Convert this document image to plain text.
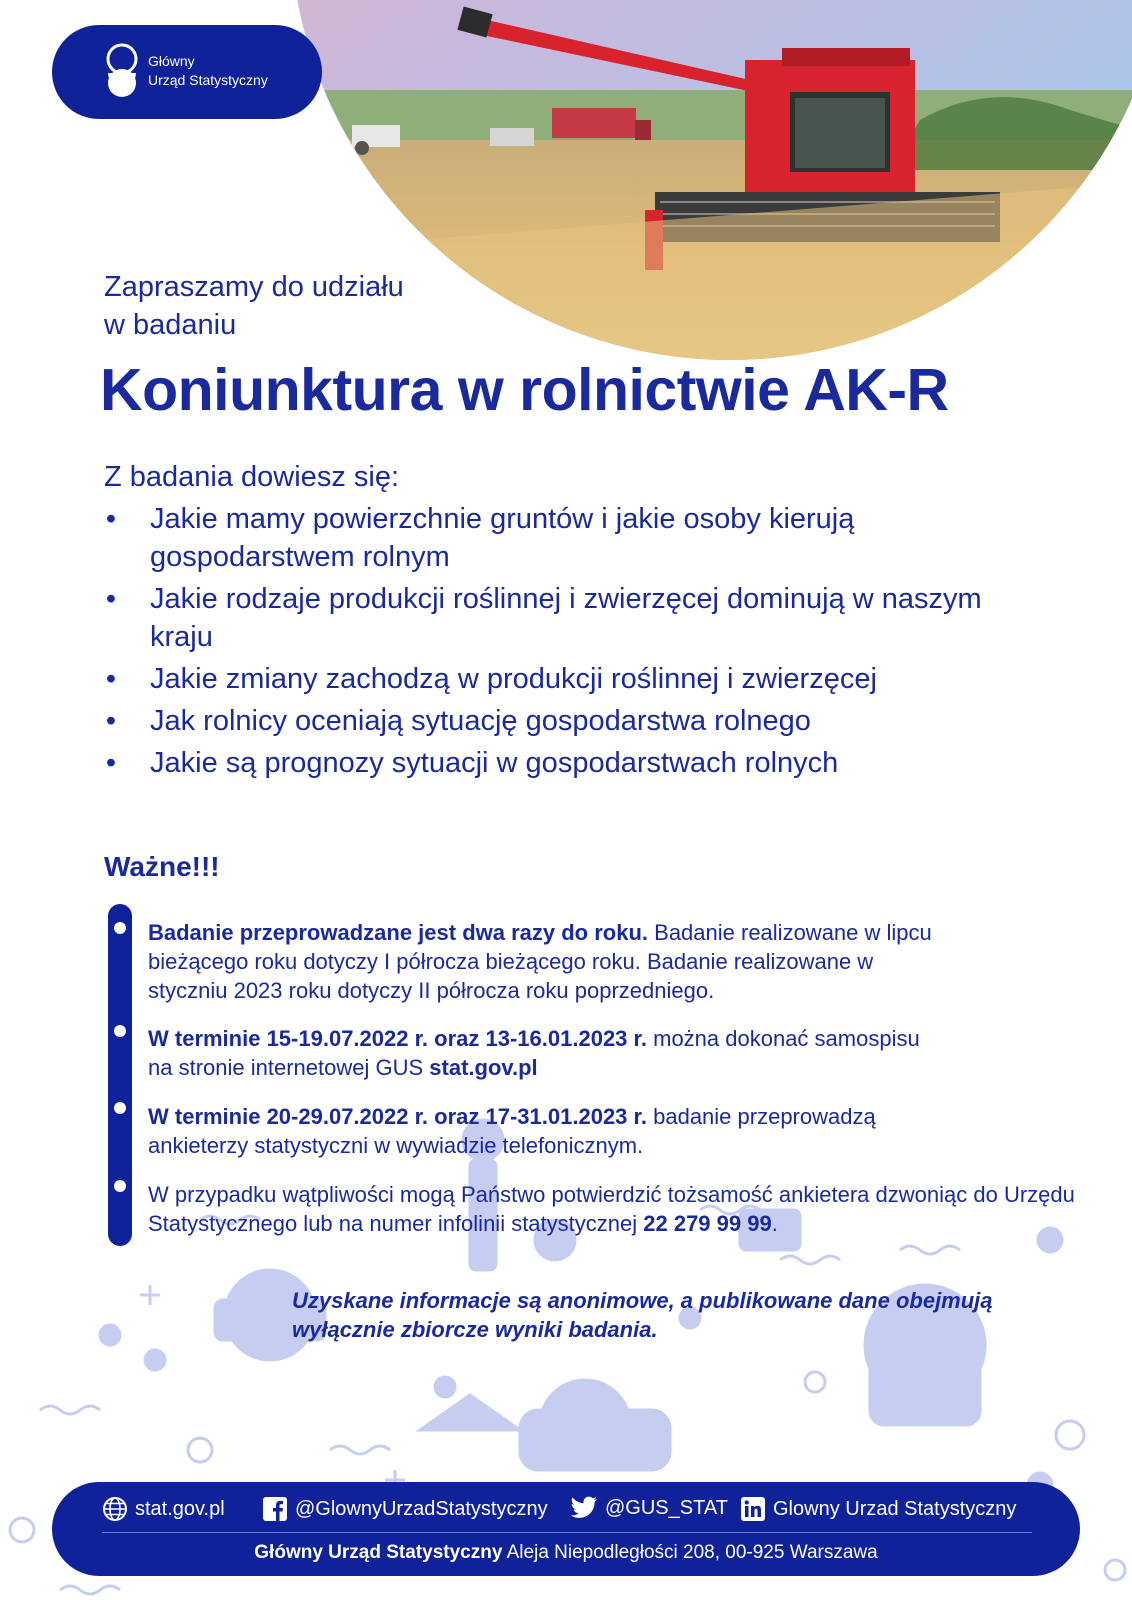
Główny
Urząd Statystyczny
Zapraszamy do udziału
w badaniu
Koniunktura w rolnictwie AK-R
Z badania dowiesz się:
• Jakie mamy powierzchnie gruntów i jakie osoby kierują gospodarstwem rolnym
• Jakie rodzaje produkcji roślinnej i zwierzęcej dominują w naszym kraju
• Jakie zmiany zachodzą w produkcji roślinnej i zwierzęcej
• Jak rolnicy oceniają sytuację gospodarstwa rolnego
• Jakie są prognozy sytuacji w gospodarstwach rolnych
Ważne!!!
Badanie przeprowadzane jest dwa razy do roku. Badanie realizowane w lipcu bieżącego roku dotyczy I półrocza bieżącego roku. Badanie realizowane w styczniu 2023 roku dotyczy II półrocza roku poprzedniego.
W terminie 15-19.07.2022 r. oraz 13-16.01.2023 r. można dokonać samospisu na stronie internetowej GUS stat.gov.pl
W terminie 20-29.07.2022 r. oraz 17-31.01.2023 r. badanie przeprowadzą ankieterzy statystyczni w wywiadzie telefonicznym.
W przypadku wątpliwości mogą Państwo potwierdzić tożsamość ankietera dzwoniąc do Urzędu Statystycznego lub na numer infolinii statystycznej 22 279 99 99.
Uzyskane informacje są anonimowe, a publikowane dane obejmują wyłącznie zbiorcze wyniki badania.
stat.gov.pl	@GlownyUrzadStatystyczny	@GUS_STAT Glowny Urzad Statystyczny
Główny Urząd Statystyczny Aleja Niepodległości 208, 00-925 Warszawa
